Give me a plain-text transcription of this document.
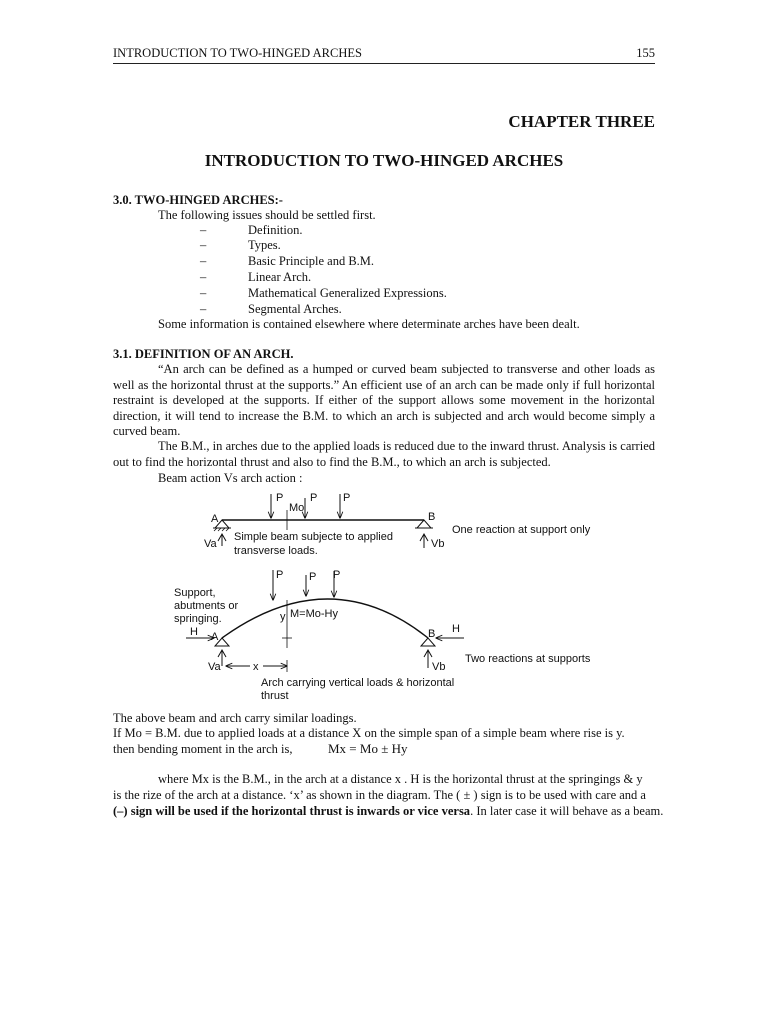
INTRODUCTION TO TWO-HINGED ARCHES	155
CHAPTER THREE
INTRODUCTION TO TWO-HINGED ARCHES
3.0. TWO-HINGED ARCHES:-
The following issues should be settled first.
–	Definition.
–	Types.
–	Basic Principle and B.M.
–	Linear Arch.
–	Mathematical Generalized Expressions.
–	Segmental Arches.
Some information is contained elsewhere where determinate arches have been dealt.
3.1. DEFINITION OF AN ARCH.
“An arch can be defined as a humped or curved beam subjected to transverse and other loads as well as the horizontal thrust at the supports.” An efficient use of an arch can be made only if full horizontal restraint is developed at the supports. If either of the support allows some movement in the horizontal direction, it will tend to increase the B.M. to which an arch is subjected and arch would become simply a curved beam.
The B.M., in arches due to the applied loads is reduced due to the inward thrust. Analysis is carried out to find the horizontal thrust and also to find the B.M., to which an arch is subjected.
Beam action Vs arch action :
P P P
Mo
A	B
Va	Vb
Simple beam subjecte to applied
transverse loads.
One reaction at support only
P P P
Support,
abutments or
springing.
H A
y M=Mo-Hy
B H
Va	x	Vb
Two reactions at supports
Arch carrying vertical loads & horizontal
thrust
The above beam and arch carry similar loadings.
If Mo = B.M. due to applied loads at a distance X on the simple span of a simple beam where rise is y.
then bending moment in the arch is,	Mx = Mo ± Hy
where Mx is the B.M., in the arch at a distance x . H is the horizontal thrust at the springings & y
is the rize of the arch at a distance. ‘x’ as shown in the diagram. The ( ± ) sign is to be used with care and a
(–) sign will be used if the horizontal thrust is inwards or vice versa. In later case it will behave as a beam.
